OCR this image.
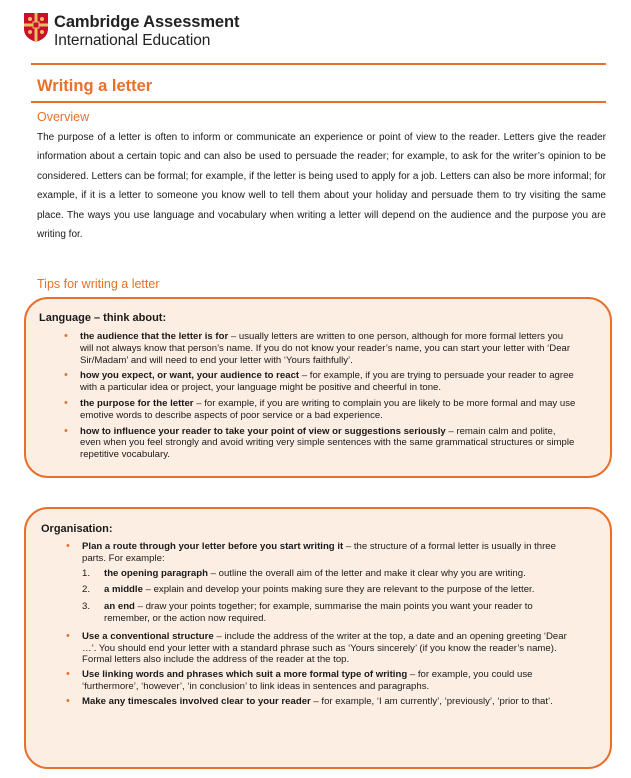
Cambridge Assessment
International Education
Writing a letter
Overview

The purpose of a letter is often to inform or communicate an experience or point of view to the reader. Letters give the reader information about a certain topic and can also be used to persuade the reader; for example, to ask for the writer’s opinion to be considered. Letters can be formal; for example, if the letter is being used to apply for a job. Letters can also be more informal; for example, if it is a letter to someone you know well to tell them about your holiday and persuade them to try visiting the same place. The ways you use language and vocabulary when writing a letter will depend on the audience and the purpose you are writing for.

Tips for writing a letter
Language – think about:
• the audience that the letter is for – usually letters are written to one person, although for more formal letters you will not always know that person’s name. If you do not know your reader’s name, you can start your letter with ‘Dear Sir/Madam’ and will need to end your letter with ‘Yours faithfully’.
• how you expect, or want, your audience to react – for example, if you are trying to persuade your reader to agree with a particular idea or project, your language might be positive and cheerful in tone.
• the purpose for the letter – for example, if you are writing to complain you are likely to be more formal and may use emotive words to describe aspects of poor service or a bad experience.
• how to influence your reader to take your point of view or suggestions seriously – remain calm and polite, even when you feel strongly and avoid writing very simple sentences with the same grammatical structures or simple repetitive vocabulary.
Organisation:
• Plan a route through your letter before you start writing it – the structure of a formal letter is usually in three parts. For example:
1. the opening paragraph – outline the overall aim of the letter and make it clear why you are writing.
2. a middle – explain and develop your points making sure they are relevant to the purpose of the letter.
3. an end – draw your points together; for example, summarise the main points you want your reader to remember, or the action now required.
• Use a conventional structure – include the address of the writer at the top, a date and an opening greeting ‘Dear …’. You should end your letter with a standard phrase such as ‘Yours sincerely’ (if you know the reader’s name). Formal letters also include the address of the reader at the top.
• Use linking words and phrases which suit a more formal type of writing – for example, you could use ‘furthermore’, ‘however’, ‘in conclusion’ to link ideas in sentences and paragraphs.
• Make any timescales involved clear to your reader – for example, ‘I am currently’, ‘previously’, ‘prior to that’.
